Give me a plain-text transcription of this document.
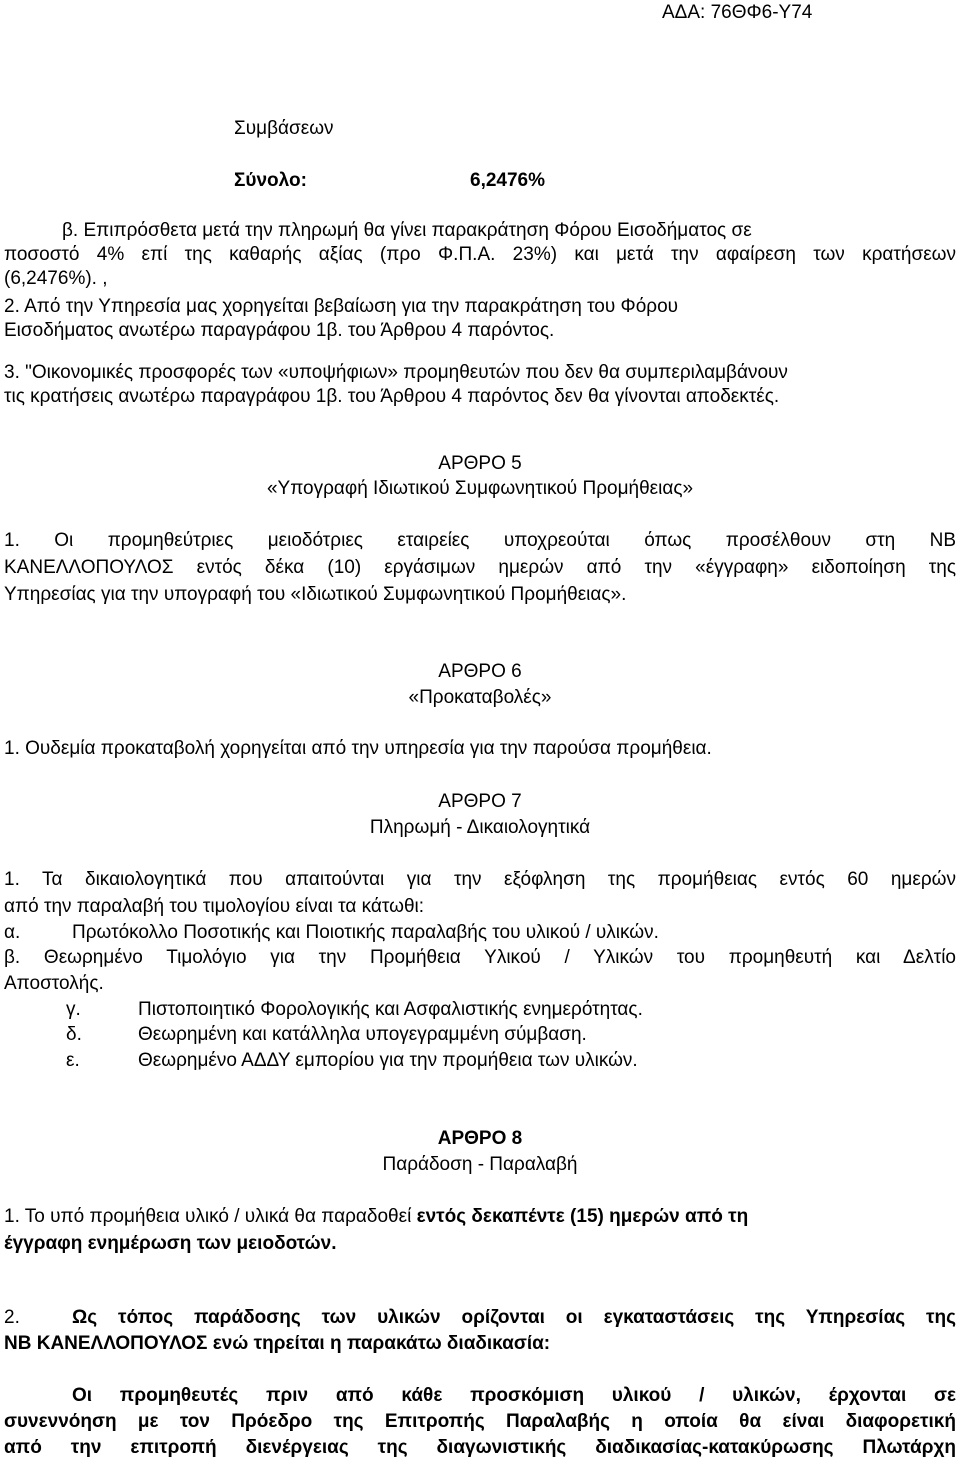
ΑΔΑ: 76ΘΦ6-Υ74
Συμβάσεων
Σύνολο:	6,2476%
β. Επιπρόσθετα μετά την πληρωμή θα γίνει παρακράτηση Φόρου Εισοδήματος σε
ποσοστό 4% επί της καθαρής αξίας (προ Φ.Π.Α. 23%) και μετά την αφαίρεση των κρατήσεων
(6,2476%). ,
2. Από την Υπηρεσία μας χορηγείται βεβαίωση για την παρακράτηση του Φόρου
Εισοδήματος ανωτέρω παραγράφου 1β. του Άρθρου 4 παρόντος.
3. "Οικονομικές προσφορές των «υποψήφιων» προμηθευτών που δεν θα συμπεριλαμβάνουν
τις κρατήσεις ανωτέρω παραγράφου 1β. του Άρθρου 4 παρόντος δεν θα γίνονται αποδεκτές.
ΑΡΘΡΟ 5
«Υπογραφή Ιδιωτικού Συμφωνητικού Προμήθειας»
1. Οι προμηθεύτριες μειοδότριες εταιρείες υποχρεούται όπως προσέλθουν στη ΝΒ
ΚΑΝΕΛΛΟΠΟΥΛΟΣ εντός δέκα (10) εργάσιμων ημερών από την «έγγραφη» ειδοποίηση της
Υπηρεσίας για την υπογραφή του «Ιδιωτικού Συμφωνητικού Προμήθειας».
ΑΡΘΡΟ 6
«Προκαταβολές»
1. Ουδεμία προκαταβολή χορηγείται από την υπηρεσία για την παρούσα προμήθεια.
ΑΡΘΡΟ 7
Πληρωμή - Δικαιολογητικά
1. Τα δικαιολογητικά που απαιτούνται για την εξόφληση της προμήθειας εντός 60 ημερών
από την παραλαβή του τιμολογίου είναι τα κάτωθι:
α.	Πρωτόκολλο Ποσοτικής και Ποιοτικής παραλαβής του υλικού / υλικών.
β. Θεωρημένο Τιμολόγιο για την Προμήθεια Υλικού / Υλικών του προμηθευτή και Δελτίο
Αποστολής.
γ.	Πιστοποιητικό Φορολογικής και Ασφαλιστικής ενημερότητας.
δ.	Θεωρημένη και κατάλληλα υπογεγραμμένη σύμβαση.
ε.	Θεωρημένο ΑΔΔΥ εμπορίου για την προμήθεια των υλικών.
ΑΡΘΡΟ 8
Παράδοση - Παραλαβή
1. Το υπό προμήθεια υλικό / υλικά θα παραδοθεί εντός δεκαπέντε (15) ημερών από τη
έγγραφη ενημέρωση των μειοδοτών.
2.	Ως τόπος παράδοσης των υλικών ορίζονται οι εγκαταστάσεις της Υπηρεσίας της
ΝΒ ΚΑΝΕΛΛΟΠΟΥΛΟΣ ενώ τηρείται η παρακάτω διαδικασία:
Οι προμηθευτές πριν από κάθε προσκόμιση υλικού / υλικών, έρχονται σε
συνεννόηση με τον Πρόεδρο της Επιτροπής Παραλαβής η οποία θα είναι διαφορετική
από την επιτροπή διενέργειας της διαγωνιστικής διαδικασίας-κατακύρωσης Πλωτάρχη
